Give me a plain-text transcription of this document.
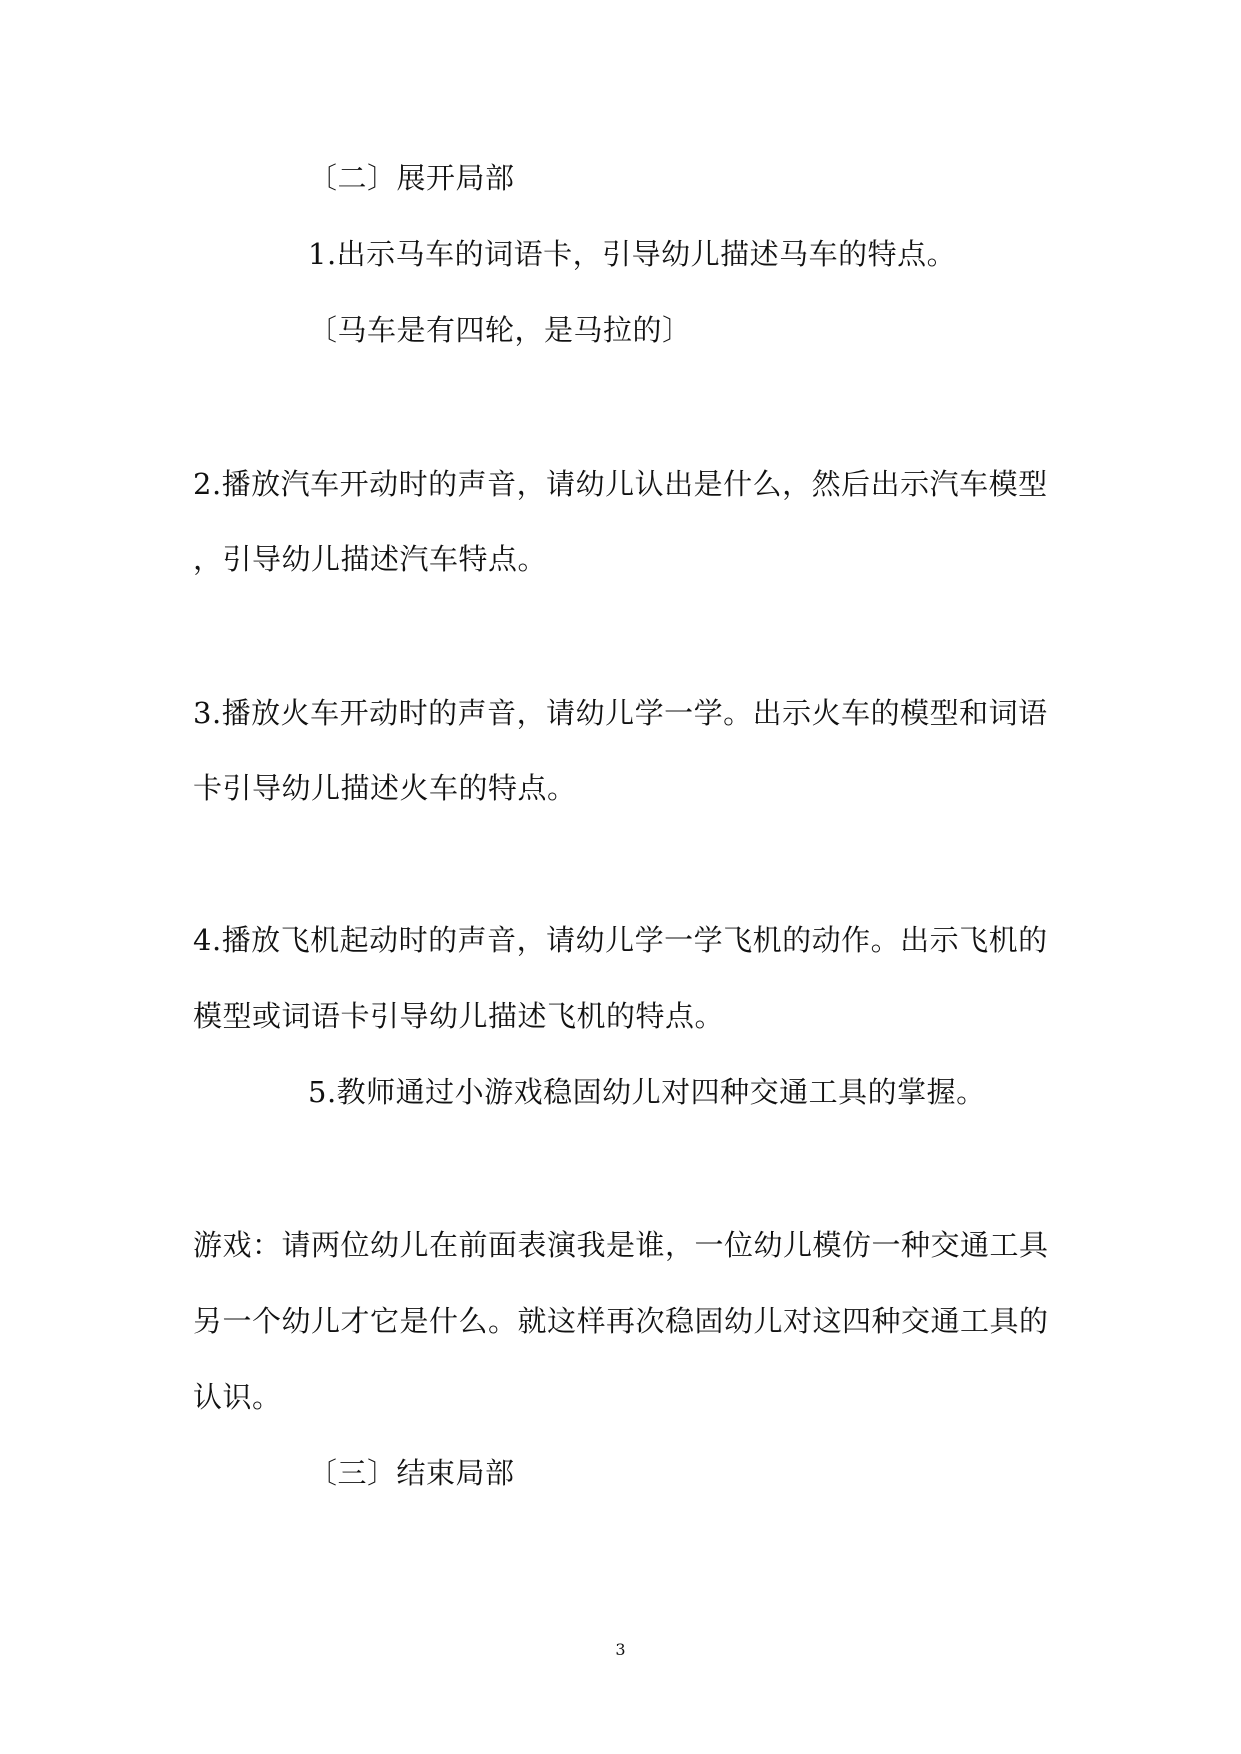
〔二〕展开局部
1.出示马车的词语卡，引导幼儿描述马车的特点。
〔马车是有四轮，是马拉的〕
2.播放汽车开动时的声音，请幼儿认出是什么，然后出示汽车模型
，引导幼儿描述汽车特点。
3.播放火车开动时的声音，请幼儿学一学。出示火车的模型和词语
卡引导幼儿描述火车的特点。
4.播放飞机起动时的声音，请幼儿学一学飞机的动作。出示飞机的
模型或词语卡引导幼儿描述飞机的特点。
5.教师通过小游戏稳固幼儿对四种交通工具的掌握。
游戏：请两位幼儿在前面表演我是谁，一位幼儿模仿一种交通工具
另一个幼儿才它是什么。就这样再次稳固幼儿对这四种交通工具的
认识。
〔三〕结束局部
3
